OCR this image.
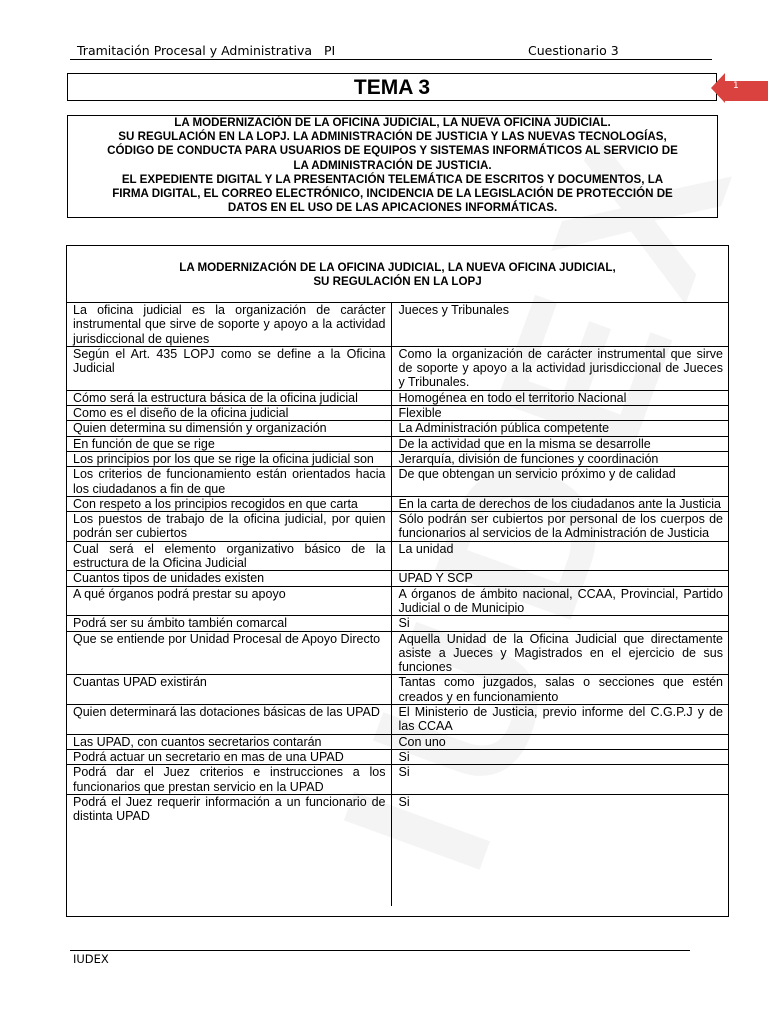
Tramitación Procesal y Administrativa   PI	Cuestionario 3
TEMA 3	1
LA MODERNIZACIÓN DE LA OFICINA JUDICIAL, LA NUEVA OFICINA JUDICIAL.
SU REGULACIÓN EN LA LOPJ. LA ADMINISTRACIÓN DE JUSTICIA Y LAS NUEVAS TECNOLOGÍAS,
CÓDIGO DE CONDUCTA PARA USUARIOS DE EQUIPOS Y SISTEMAS INFORMÁTICOS AL SERVICIO DE
LA ADMINISTRACIÓN DE JUSTICIA.
EL EXPEDIENTE DIGITAL Y LA PRESENTACIÓN TELEMÁTICA DE ESCRITOS Y DOCUMENTOS, LA
FIRMA DIGITAL, EL CORREO ELECTRÓNICO, INCIDENCIA DE LA LEGISLACIÓN DE PROTECCIÓN DE
DATOS EN EL USO DE LAS APICACIONES INFORMÁTICAS.
LA MODERNIZACIÓN DE LA OFICINA JUDICIAL, LA NUEVA OFICINA JUDICIAL,
SU REGULACIÓN EN LA LOPJ
La oficina judicial es la organización de carácter instrumental que sirve de soporte y apoyo a la actividad jurisdiccional de quienes	Jueces y Tribunales
Según el Art. 435 LOPJ como se define a la Oficina Judicial	Como la organización de carácter instrumental que sirve de soporte y apoyo a la actividad jurisdiccional de Jueces y Tribunales.
Cómo será la estructura básica de la oficina judicial	Homogénea en todo el territorio Nacional
Como es el diseño de la oficina judicial	Flexible
Quien determina su dimensión y organización	La Administración pública competente
En función de que se rige	De la actividad que en la misma se desarrolle
Los principios por los que se rige la oficina judicial son	Jerarquía, división de funciones y coordinación
Los criterios de funcionamiento están orientados hacia los ciudadanos a fin de que	De que obtengan un servicio próximo y de calidad
Con respeto a los principios recogidos en que carta	En la carta de derechos de los ciudadanos ante la Justicia
Los puestos de trabajo de la oficina judicial, por quien podrán ser cubiertos	Sólo podrán ser cubiertos por personal de los cuerpos de funcionarios al servicios de la Administración de Justicia
Cual será el elemento organizativo básico de la estructura de la Oficina Judicial	La unidad
Cuantos tipos de unidades existen	UPAD Y SCP
A qué órganos podrá prestar su apoyo	A órganos de ámbito nacional, CCAA, Provincial, Partido Judicial o de Municipio
Podrá ser su ámbito también comarcal	Si
Que se entiende por Unidad Procesal de Apoyo Directo	Aquella Unidad de la Oficina Judicial que directamente asiste a Jueces y Magistrados en el ejercicio de sus funciones
Cuantas UPAD existirán	Tantas como juzgados, salas o secciones que estén creados y en funcionamiento
Quien determinará las dotaciones básicas de las UPAD	El Ministerio de Justicia, previo informe del C.G.P.J y de las CCAA
Las UPAD, con cuantos secretarios contarán	Con uno
Podrá actuar un secretario en mas de una UPAD	Si
Podrá dar el Juez criterios e instrucciones a los funcionarios que prestan servicio en la UPAD	Si
Podrá el Juez requerir información a un funcionario de distinta UPAD	Si
IUDEX
